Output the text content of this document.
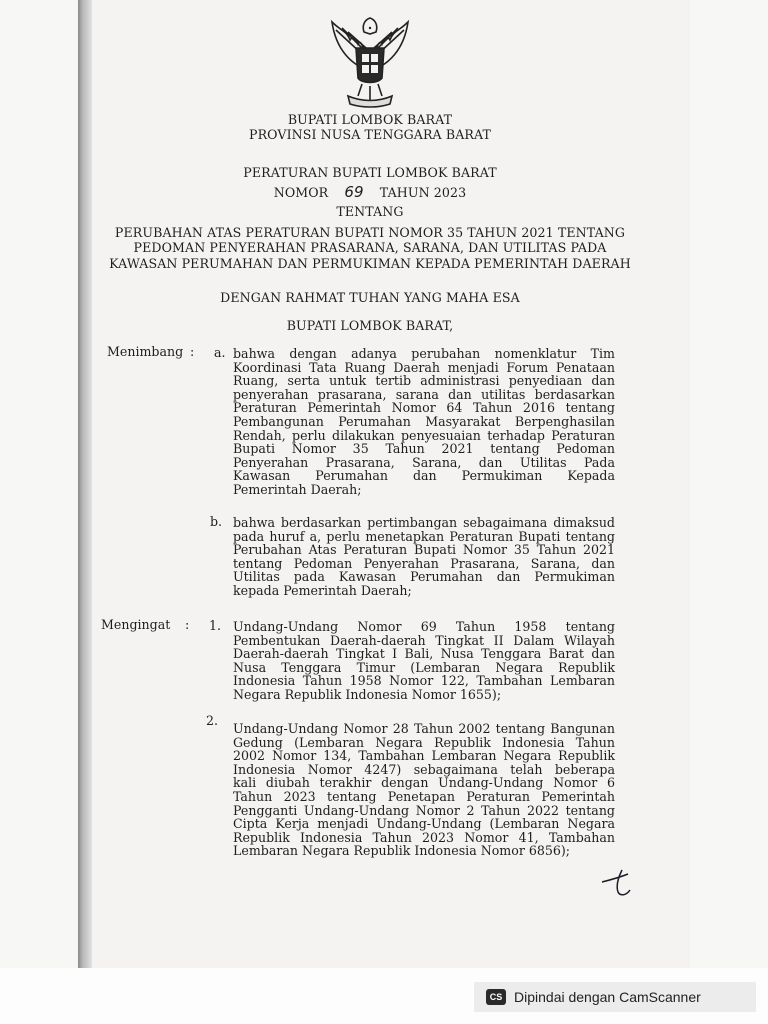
BUPATI LOMBOK BARAT
PROVINSI NUSA TENGGARA BARAT
PERATURAN BUPATI LOMBOK BARAT
NOMOR 69 TAHUN 2023
TENTANG
PERUBAHAN ATAS PERATURAN BUPATI NOMOR 35 TAHUN 2021 TENTANG
PEDOMAN PENYERAHAN PRASARANA, SARANA, DAN UTILITAS PADA
KAWASAN PERUMAHAN DAN PERMUKIMAN KEPADA PEMERINTAH DAERAH
DENGAN RAHMAT TUHAN YANG MAHA ESA
BUPATI LOMBOK BARAT,
Menimbang : a. bahwa dengan adanya perubahan nomenklatur Tim
Koordinasi Tata Ruang Daerah menjadi Forum Penataan
Ruang, serta untuk tertib administrasi penyediaan dan
penyerahan prasarana, sarana dan utilitas berdasarkan
Peraturan Pemerintah Nomor 64 Tahun 2016 tentang
Pembangunan Perumahan Masyarakat Berpenghasilan
Rendah, perlu dilakukan penyesuaian terhadap Peraturan
Bupati Nomor 35 Tahun 2021 tentang Pedoman
Penyerahan Prasarana, Sarana, dan Utilitas Pada
Kawasan Perumahan dan Permukiman Kepada
Pemerintah Daerah;
b. bahwa berdasarkan pertimbangan sebagaimana dimaksud
pada huruf a, perlu menetapkan Peraturan Bupati tentang
Perubahan Atas Peraturan Bupati Nomor 35 Tahun 2021
tentang Pedoman Penyerahan Prasarana, Sarana, dan
Utilitas pada Kawasan Perumahan dan Permukiman
kepada Pemerintah Daerah;
Mengingat : 1. Undang-Undang Nomor 69 Tahun 1958 tentang
Pembentukan Daerah-daerah Tingkat II Dalam Wilayah
Daerah-daerah Tingkat I Bali, Nusa Tenggara Barat dan
Nusa Tenggara Timur (Lembaran Negara Republik
Indonesia Tahun 1958 Nomor 122, Tambahan Lembaran
Negara Republik Indonesia Nomor 1655);
2.
Undang-Undang Nomor 28 Tahun 2002 tentang Bangunan
Gedung (Lembaran Negara Republik Indonesia Tahun
2002 Nomor 134, Tambahan Lembaran Negara Republik
Indonesia Nomor 4247) sebagaimana telah beberapa
kali diubah terakhir dengan Undang-Undang Nomor 6
Tahun 2023 tentang Penetapan Peraturan Pemerintah
Pengganti Undang-Undang Nomor 2 Tahun 2022 tentang
Cipta Kerja menjadi Undang-Undang (Lembaran Negara
Republik Indonesia Tahun 2023 Nomor 41, Tambahan
Lembaran Negara Republik Indonesia Nomor 6856);
CS Dipindai dengan CamScanner
